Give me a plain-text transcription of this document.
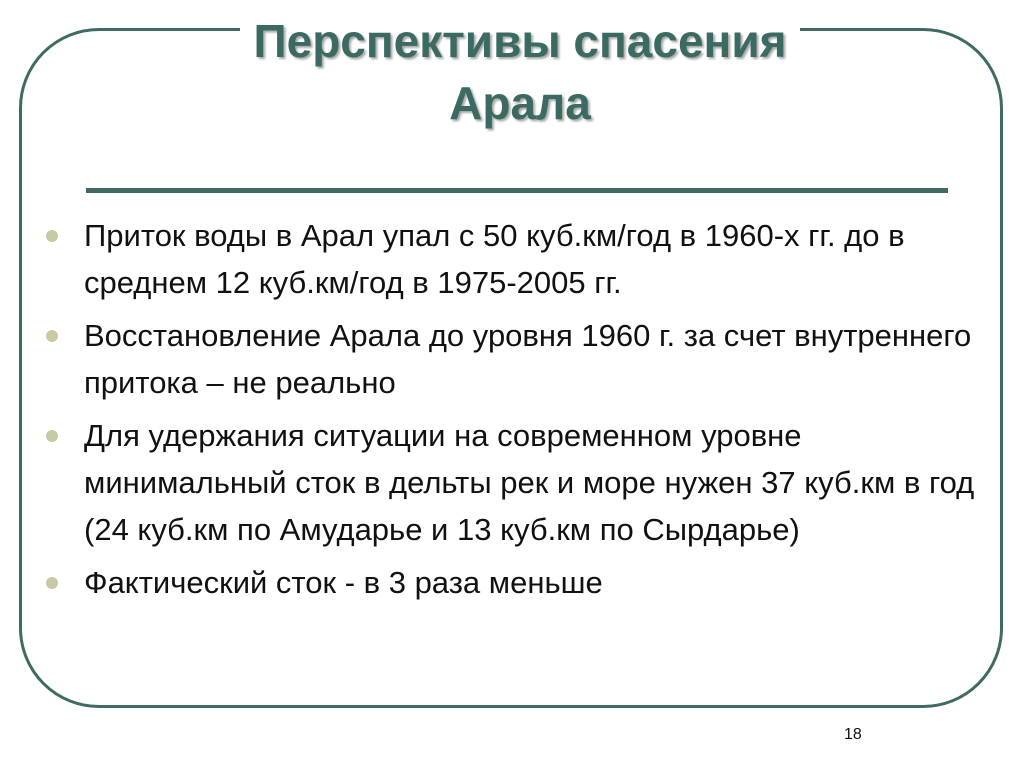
Перспективы спасения
Арала
Приток воды в Арал упал с 50 куб.км/год в 1960-х гг. до в среднем 12 куб.км/год в 1975-2005 гг.
Восстановление Арала до уровня 1960 г. за счет внутреннего притока – не реально
Для удержания ситуации на современном уровне минимальный сток в дельты рек и море нужен 37 куб.км в год (24 куб.км по Амударье и 13 куб.км по Сырдарье)
Фактический сток - в 3 раза меньше
18
